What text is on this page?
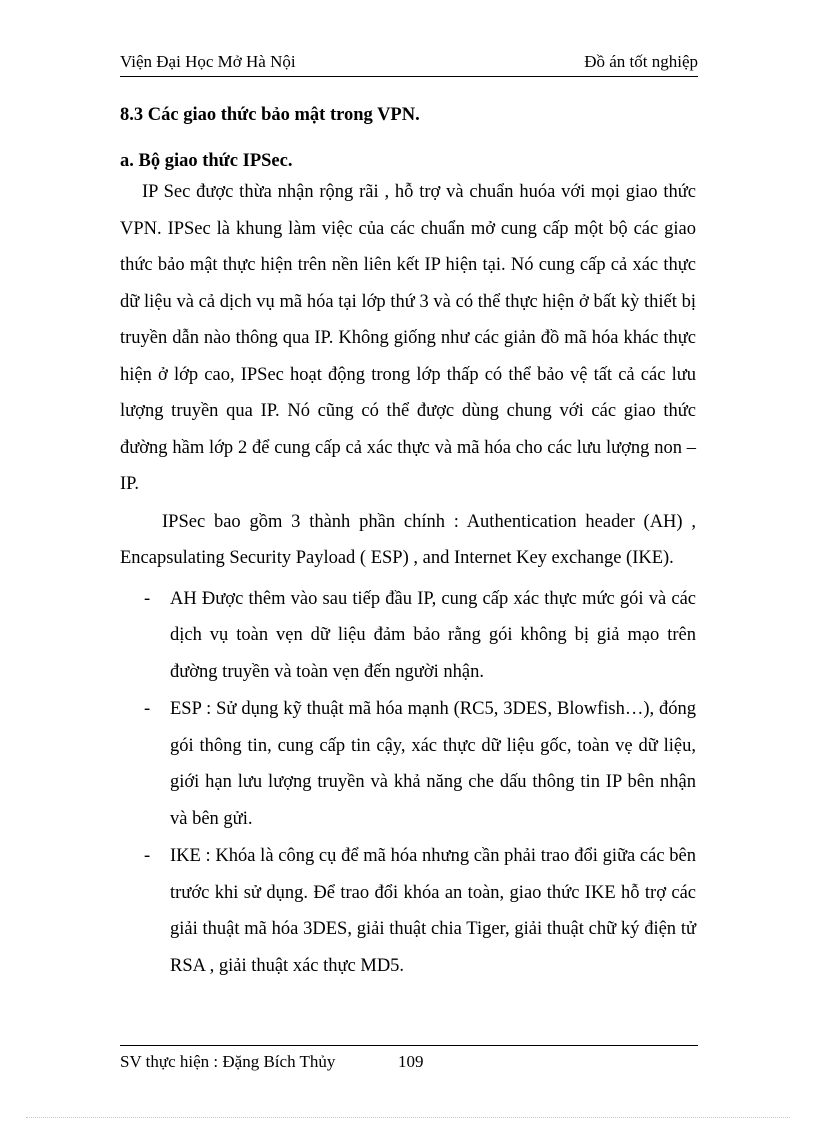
Viện Đại Học Mở Hà Nội	Đồ án tốt nghiệp
8.3 Các giao thức bảo mật trong VPN.
a. Bộ giao thức IPSec.

IP Sec được thừa nhận rộng rãi , hỗ trợ và chuẩn huóa với mọi giao thức VPN. IPSec là khung làm việc của các chuẩn mở cung cấp một bộ các giao thức bảo mật thực hiện trên nền liên kết IP hiện tại. Nó cung cấp cả xác thực dữ liệu và cả dịch vụ mã hóa tại lớp thứ 3 và có thể thực hiện ở bất kỳ thiết bị truyền dẫn nào thông qua IP. Không giống như các giản đồ mã hóa khác thực hiện ở lớp cao, IPSec hoạt động trong lớp thấp có thể bảo vệ tất cả các lưu lượng truyền qua IP. Nó cũng có thể được dùng chung với các giao thức đường hầm lớp 2 để cung cấp cả xác thực và mã hóa cho các lưu lượng non – IP.

IPSec bao gồm 3 thành phần chính : Authentication header (AH) , Encapsulating Security Payload ( ESP) , and Internet Key exchange (IKE).

- AH Được thêm vào sau tiếp đầu IP, cung cấp xác thực mức gói và các dịch vụ toàn vẹn dữ liệu đảm bảo rằng gói không bị giả mạo trên đường truyền và toàn vẹn đến người nhận.
- ESP : Sử dụng kỹ thuật mã hóa mạnh (RC5, 3DES, Blowfish…), đóng gói thông tin, cung cấp tin cậy, xác thực dữ liệu gốc, toàn vẹ dữ liệu, giới hạn lưu lượng truyền và khả năng che dấu thông tin IP bên nhận và bên gửi.
- IKE : Khóa là công cụ để mã hóa nhưng cần phải trao đổi giữa các bên trước khi sử dụng. Để trao đổi khóa an toàn, giao thức IKE hỗ trợ các giải thuật mã hóa 3DES, giải thuật chia Tiger, giải thuật chữ ký điện tử RSA , giải thuật xác thực MD5.
SV thực hiện : Đặng Bích Thủy	109
